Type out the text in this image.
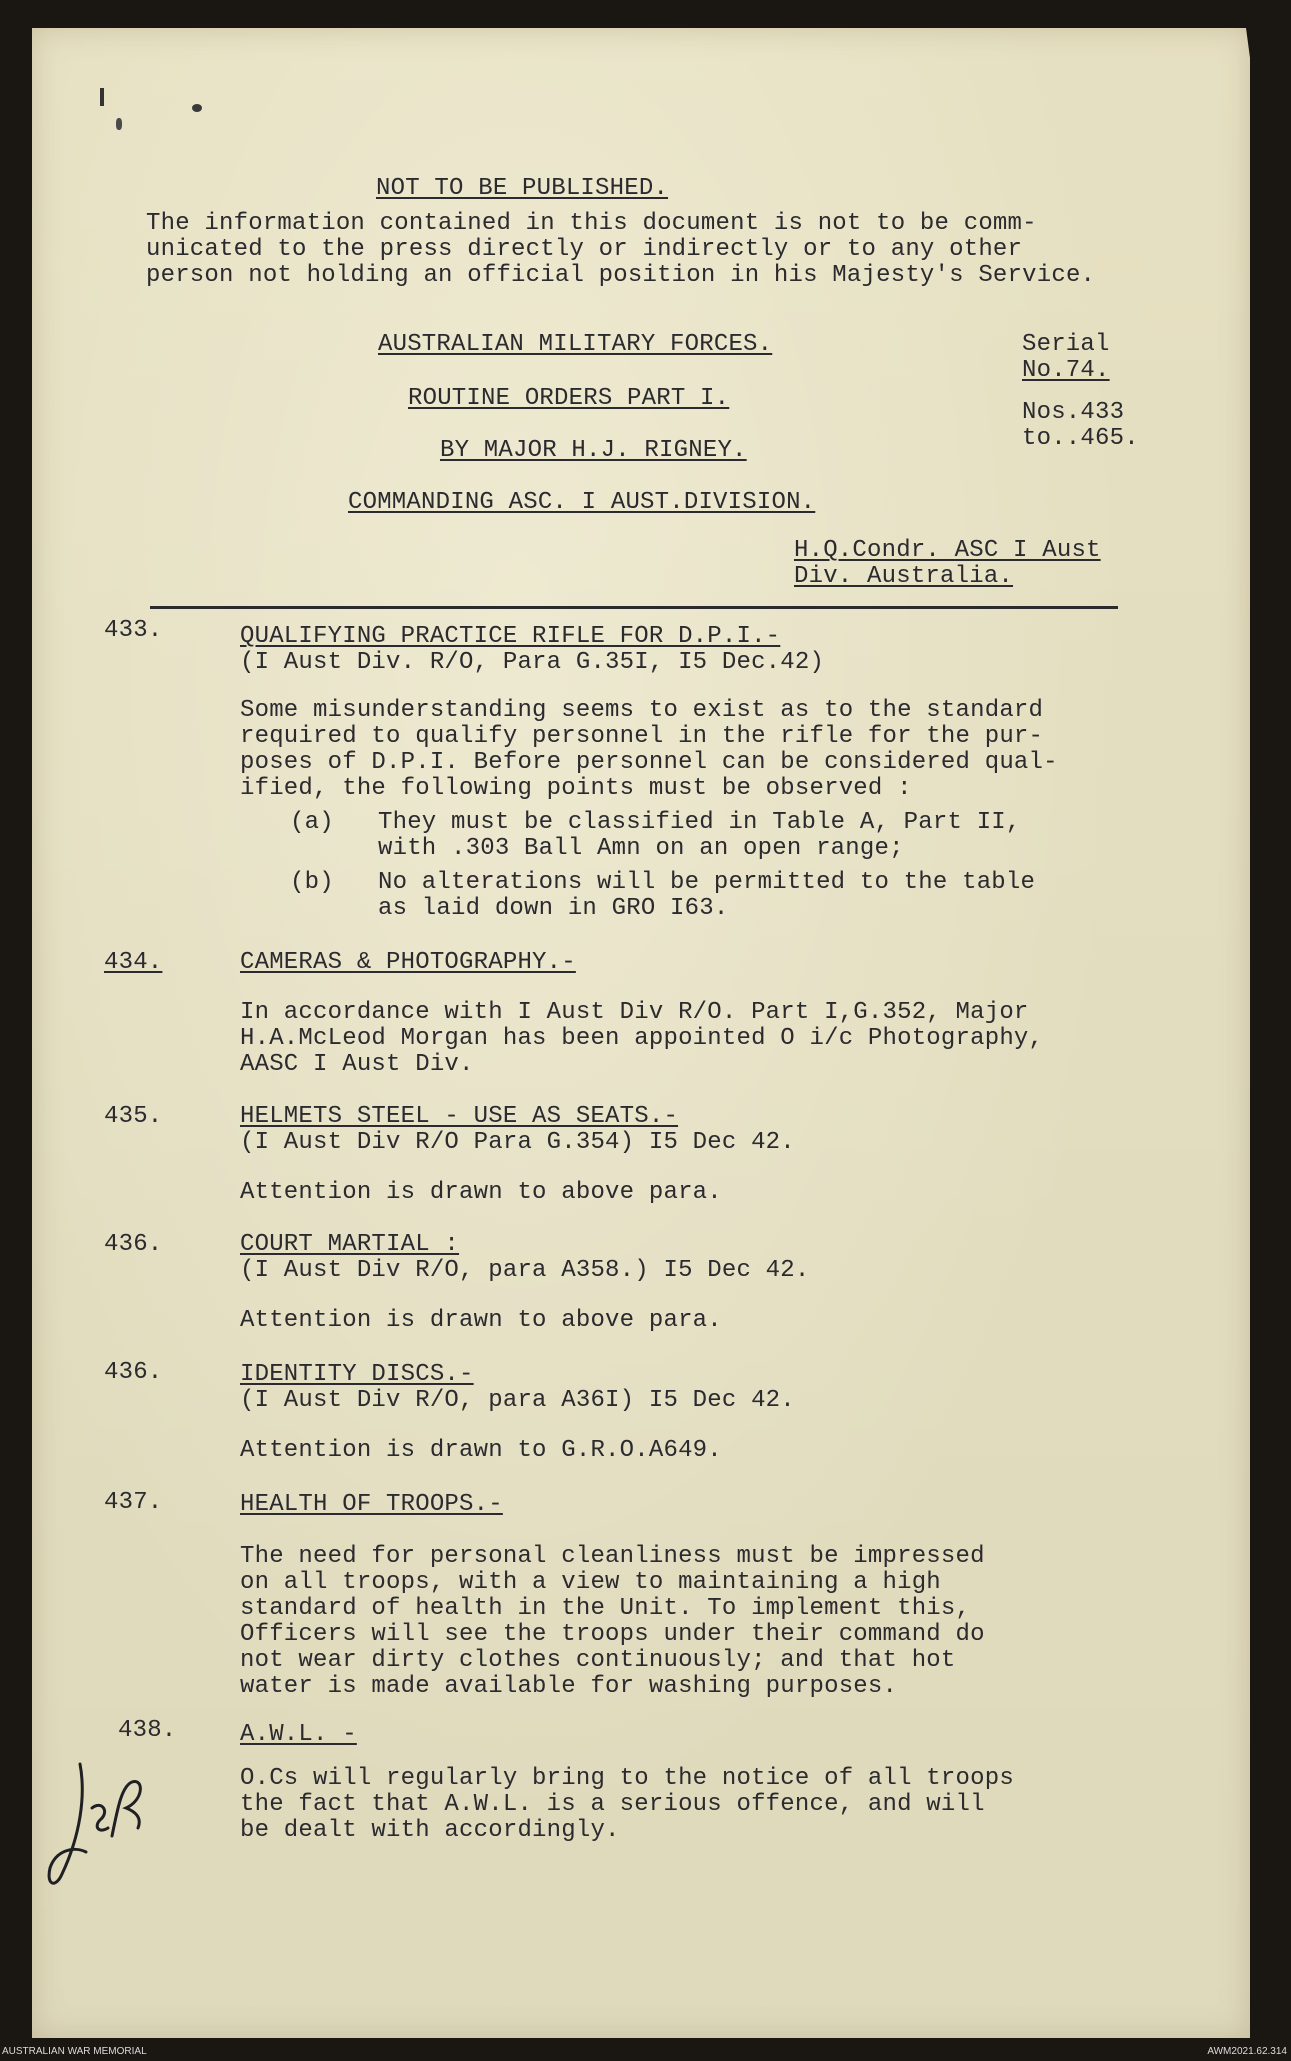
NOT TO BE PUBLISHED.
The information contained in this document is not to be comm-
unicated to the press directly or indirectly or to any other
person not holding an official position in his Majesty's Service.
AUSTRALIAN MILITARY FORCES.
ROUTINE ORDERS PART I.
BY MAJOR H.J. RIGNEY.
COMMANDING ASC. I AUST.DIVISION.
Serial
No.74.
Nos.433
to..465.
H.Q.Condr. ASC I Aust
Div. Australia.
433.	QUALIFYING PRACTICE RIFLE FOR D.P.I.-
(I Aust Div. R/O, Para G.35I, I5 Dec.42)
Some misunderstanding seems to exist as to the standard
required to qualify personnel in the rifle for the pur-
poses of D.P.I. Before personnel can be considered qual-
ified, the following points must be observed :
(a) They must be classified in Table A, Part II,
with .303 Ball Amn on an open range;
(b) No alterations will be permitted to the table
as laid down in GRO I63.
434.	CAMERAS & PHOTOGRAPHY.-
In accordance with I Aust Div R/O. Part I,G.352, Major
H.A.McLeod Morgan has been appointed O i/c Photography,
AASC I Aust Div.
435.	HELMETS STEEL - USE AS SEATS.-
(I Aust Div R/O Para G.354) I5 Dec 42.
Attention is drawn to above para.
436.	COURT MARTIAL :
(I Aust Div R/O, para A358.) I5 Dec 42.
Attention is drawn to above para.
436.	IDENTITY DISCS.-
(I Aust Div R/O, para A36I) I5 Dec 42.
Attention is drawn to G.R.O.A649.
437.	HEALTH OF TROOPS.-
The need for personal cleanliness must be impressed
on all troops, with a view to maintaining a high
standard of health in the Unit. To implement this,
Officers will see the troops under their command do
not wear dirty clothes continuously; and that hot
water is made available for washing purposes.
438.	A.W.L. -
O.Cs will regularly bring to the notice of all troops
the fact that A.W.L. is a serious offence, and will
be dealt with accordingly.
AUSTRALIAN WAR MEMORIAL	AWM2021.62.314
